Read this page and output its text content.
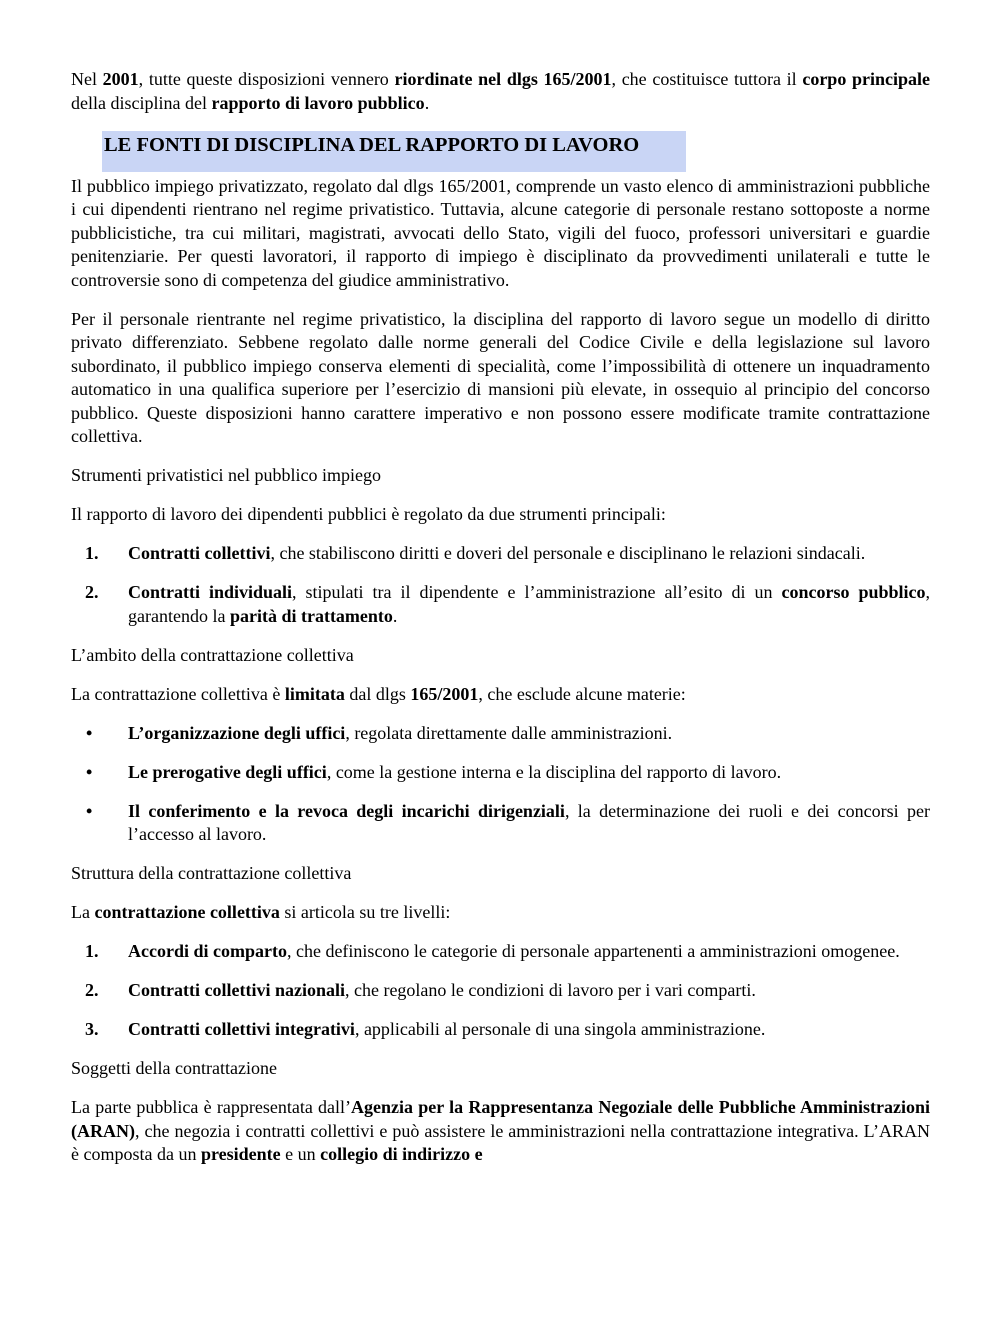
Nel 2001, tutte queste disposizioni vennero riordinate nel dlgs 165/2001, che costituisce tuttora il corpo principale della disciplina del rapporto di lavoro pubblico.

LE FONTI DI DISCIPLINA DEL RAPPORTO DI LAVORO

Il pubblico impiego privatizzato, regolato dal dlgs 165/2001, comprende un vasto elenco di amministrazioni pubbliche i cui dipendenti rientrano nel regime privatistico. Tuttavia, alcune categorie di personale restano sottoposte a norme pubblicistiche, tra cui militari, magistrati, avvocati dello Stato, vigili del fuoco, professori universitari e guardie penitenziarie. Per questi lavoratori, il rapporto di impiego è disciplinato da provvedimenti unilaterali e tutte le controversie sono di competenza del giudice amministrativo.

Per il personale rientrante nel regime privatistico, la disciplina del rapporto di lavoro segue un modello di diritto privato differenziato. Sebbene regolato dalle norme generali del Codice Civile e della legislazione sul lavoro subordinato, il pubblico impiego conserva elementi di specialità, come l’impossibilità di ottenere un inquadramento automatico in una qualifica superiore per l’esercizio di mansioni più elevate, in ossequio al principio del concorso pubblico. Queste disposizioni hanno carattere imperativo e non possono essere modificate tramite contrattazione collettiva.

Strumenti privatistici nel pubblico impiego

Il rapporto di lavoro dei dipendenti pubblici è regolato da due strumenti principali:

1. Contratti collettivi, che stabiliscono diritti e doveri del personale e disciplinano le relazioni sindacali.
2. Contratti individuali, stipulati tra il dipendente e l’amministrazione all’esito di un concorso pubblico, garantendo la parità di trattamento.

L’ambito della contrattazione collettiva

La contrattazione collettiva è limitata dal dlgs 165/2001, che esclude alcune materie:

• L’organizzazione degli uffici, regolata direttamente dalle amministrazioni.
• Le prerogative degli uffici, come la gestione interna e la disciplina del rapporto di lavoro.
• Il conferimento e la revoca degli incarichi dirigenziali, la determinazione dei ruoli e dei concorsi per l’accesso al lavoro.

Struttura della contrattazione collettiva

La contrattazione collettiva si articola su tre livelli:

1. Accordi di comparto, che definiscono le categorie di personale appartenenti a amministrazioni omogenee.
2. Contratti collettivi nazionali, che regolano le condizioni di lavoro per i vari comparti.
3. Contratti collettivi integrativi, applicabili al personale di una singola amministrazione.

Soggetti della contrattazione

La parte pubblica è rappresentata dall’Agenzia per la Rappresentanza Negoziale delle Pubbliche Amministrazioni (ARAN), che negozia i contratti collettivi e può assistere le amministrazioni nella contrattazione integrativa. L’ARAN è composta da un presidente e un collegio di indirizzo e
